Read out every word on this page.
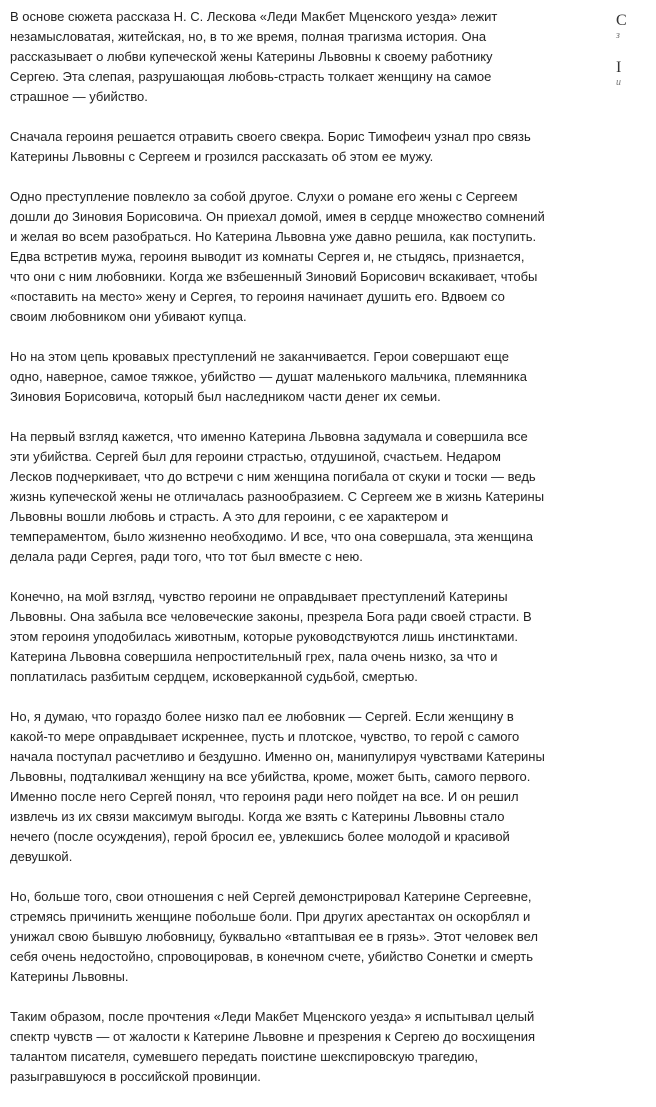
В основе сюжета рассказа Н. С. Лескова «Леди Макбет Мценского уезда» лежит незамысловатая, житейская, но, в то же время, полная трагизма история. Она рассказывает о любви купеческой жены Катерины Львовны к своему работнику Сергею. Эта слепая, разрушающая любовь-страсть толкает женщину на самое страшное — убийство.

Сначала героиня решается отравить своего свекра. Борис Тимофеич узнал про связь Катерины Львовны с Сергеем и грозился рассказать об этом ее мужу.

Одно преступление повлекло за собой другое. Слухи о романе его жены с Сергеем дошли до Зиновия Борисовича. Он приехал домой, имея в сердце множество сомнений и желая во всем разобраться. Но Катерина Львовна уже давно решила, как поступить. Едва встретив мужа, героиня выводит из комнаты Сергея и, не стыдясь, признается, что они с ним любовники. Когда же взбешенный Зиновий Борисович вскакивает, чтобы «поставить на место» жену и Сергея, то героиня начинает душить его. Вдвоем со своим любовником они убивают купца.

Но на этом цепь кровавых преступлений не заканчивается. Герои совершают еще одно, наверное, самое тяжкое, убийство — душат маленького мальчика, племянника Зиновия Борисовича, который был наследником части денег их семьи.

На первый взгляд кажется, что именно Катерина Львовна задумала и совершила все эти убийства. Сергей был для героини страстью, отдушиной, счастьем. Недаром Лесков подчеркивает, что до встречи с ним женщина погибала от скуки и тоски — ведь жизнь купеческой жены не отличалась разнообразием. С Сергеем же в жизнь Катерины Львовны вошли любовь и страсть. А это для героини, с ее характером и темпераментом, было жизненно необходимо. И все, что она совершала, эта женщина делала ради Сергея, ради того, что тот был вместе с нею.

Конечно, на мой взгляд, чувство героини не оправдывает преступлений Катерины Львовны. Она забыла все человеческие законы, презрела Бога ради своей страсти. В этом героиня уподобилась животным, которые руководствуются лишь инстинктами. Катерина Львовна совершила непростительный грех, пала очень низко, за что и поплатилась разбитым сердцем, исковерканной судьбой, смертью.

Но, я думаю, что гораздо более низко пал ее любовник — Сергей. Если женщину в какой-то мере оправдывает искреннее, пусть и плотское, чувство, то герой с самого начала поступал расчетливо и бездушно. Именно он, манипулируя чувствами Катерины Львовны, подталкивал женщину на все убийства, кроме, может быть, самого первого. Именно после него Сергей понял, что героиня ради него пойдет на все. И он решил извлечь из их связи максимум выгоды. Когда же взять с Катерины Львовны стало нечего (после осуждения), герой бросил ее, увлекшись более молодой и красивой девушкой.

Но, больше того, свои отношения с ней Сергей демонстрировал Катерине Сергеевне, стремясь причинить женщине побольше боли. При других арестантах он оскорблял и унижал свою бывшую любовницу, буквально «втаптывая ее в грязь». Этот человек вел себя очень недостойно, спровоцировав, в конечном счете, убийство Сонетки и смерть Катерины Львовны.

Таким образом, после прочтения «Леди Макбет Мценского уезда» я испытывал целый спектр чувств — от жалости к Катерине Львовне и презрения к Сергею до восхищения талантом писателя, сумевшего передать поистине шекспировскую трагедию, разыгравшуюся в российской провинции.

С
з
I
и
